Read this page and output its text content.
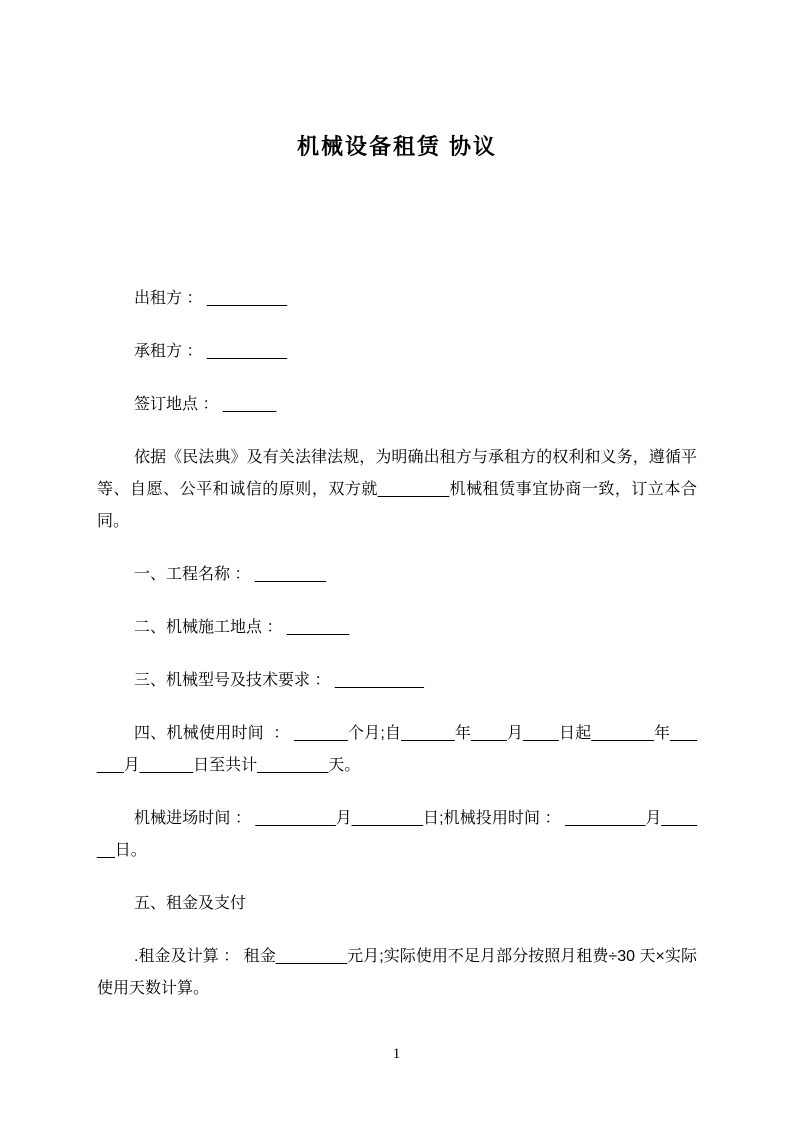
机械设备租赁 协议

出租方 ： _________

承租方 ： _________

签订地点 ： ______

依据《民法典》及有关法律法规，为明确出租方与承租方的权利和义务，遵循平等、自愿、公平和诚信的原则，双方就________机械租赁事宜协商一致，订立本合同。

一、工程名称 ： ________

二、机械施工地点 ： _______

三、机械型号及技术要求 ： __________

四、机械使用时间  ： ______个月;自______年____月____日起_______年______月______日至共计________天。

机械进场时间 ： _________月________日;机械投用时间 ： _________月______日。

五、租金及支付

.租金及计算 ： 租金________元月;实际使用不足月部分按照月租费÷30 天×实际使用天数计算。

1
